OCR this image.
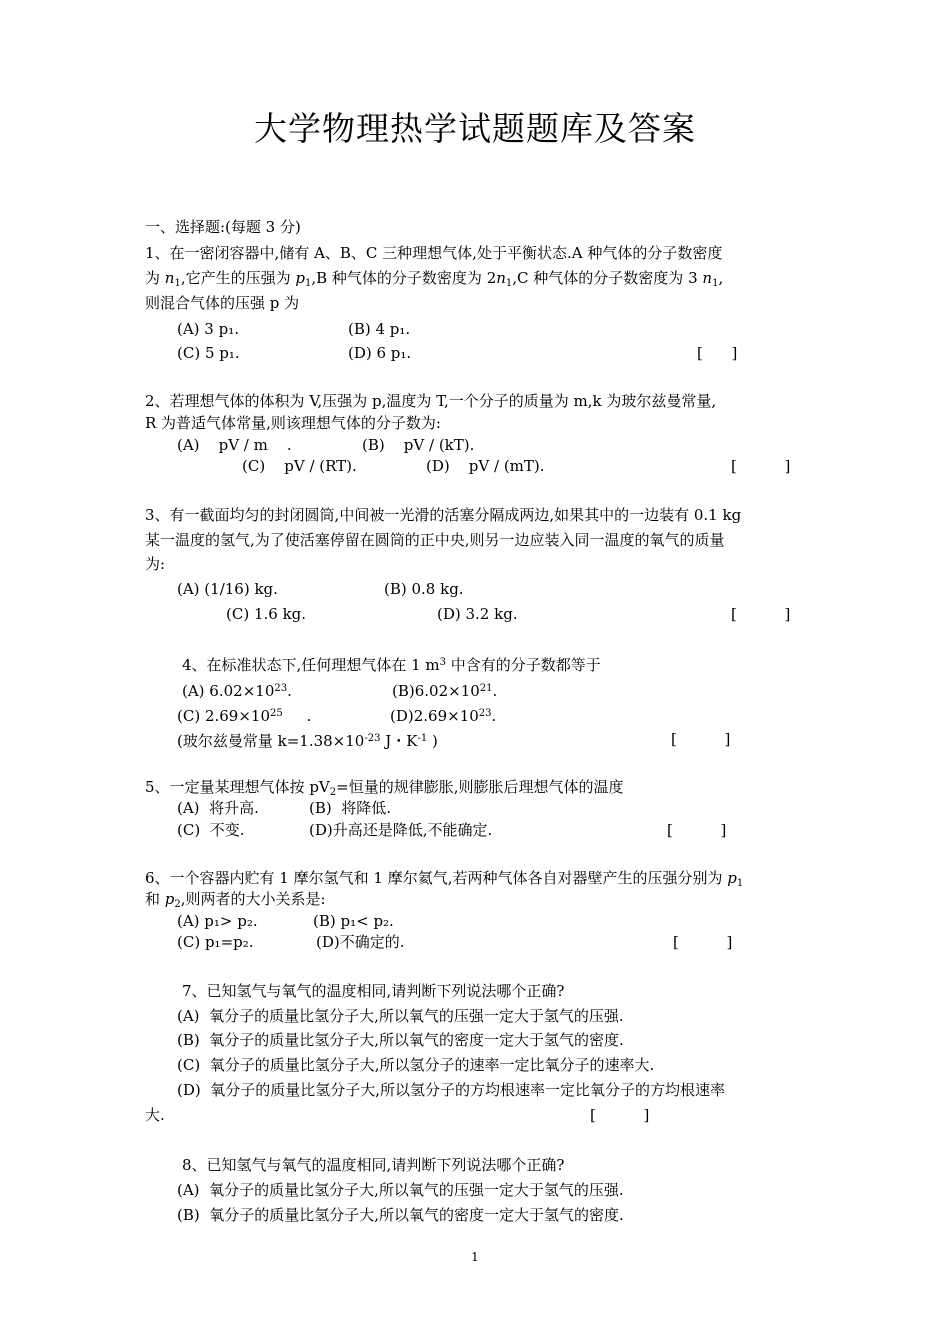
大学物理热学试题题库及答案
一、选择题:(每题 3 分)
1、在一密闭容器中,储有 A、B、C 三种理想气体,处于平衡状态.A 种气体的分子数密度
为 $n_1$,它产生的压强为 $p_1,B$ 种气体的分子数密度为 $2n_1,C$ 种气体的分子数密度为 3 $n_1$,
则混合气体的压强 p 为
(A) 3 p₁.	(B) 4 p₁.
(C) 5 p₁.	(D) 6 p₁.	[      ]
2、若理想气体的体积为 V,压强为 p,温度为 T,一个分子的质量为 m,k 为玻尔兹曼常量,
R 为普适气体常量,则该理想气体的分子数为:
(A)    pV / m    .	(B)    pV / (kT).
(C)    pV / (RT).	(D)    pV / (mT).	[          ]
3、有一截面均匀的封闭圆筒,中间被一光滑的活塞分隔成两边,如果其中的一边装有 0.1 kg
某一温度的氢气,为了使活塞停留在圆筒的正中央,则另一边应装入同一温度的氧气的质量
为:
(A) (1/16) kg.	(B) 0.8 kg.
(C) 1.6 kg.	(D) 3.2 kg.	[          ]
4、在标准状态下,任何理想气体在 1 $m^3$ 中含有的分子数都等于
(A) $6.02\times 10^{23}$.	$(B)6.02\times 10^{21}$.
(C) $2.69\times 10^{25}$     .	$(D)2.69\times 10^{23}$.
(玻尔兹曼常量 $k=1.38\times 10^{-23}$ J・$K^{-1}$ )	[          ]
5、一定量某理想气体按 $pV_2=$恒量的规律膨胀,则膨胀后理想气体的温度
(A)  将升高.	(B)  将降低.
(C)  不变.	(D)升高还是降低,不能确定.	[          ]
6、一个容器内贮有 1 摩尔氢气和 1 摩尔氦气,若两种气体各自对器壁产生的压强分别为 $p_1$
和 $p_2$,则两者的大小关系是:
(A) p₁> p₂.	(B) p₁< p₂.
(C) p₁=p₂.	(D)不确定的.	[          ]
7、已知氢气与氧气的温度相同,请判断下列说法哪个正确?
(A)  氧分子的质量比氢分子大,所以氧气的压强一定大于氢气的压强.
(B)  氧分子的质量比氢分子大,所以氧气的密度一定大于氢气的密度.
(C)  氧分子的质量比氢分子大,所以氢分子的速率一定比氧分子的速率大.
(D)  氧分子的质量比氢分子大,所以氢分子的方均根速率一定比氧分子的方均根速率
大.	[          ]
8、已知氢气与氧气的温度相同,请判断下列说法哪个正确?
(A)  氧分子的质量比氢分子大,所以氧气的压强一定大于氢气的压强.
(B)  氧分子的质量比氢分子大,所以氧气的密度一定大于氢气的密度.
1
